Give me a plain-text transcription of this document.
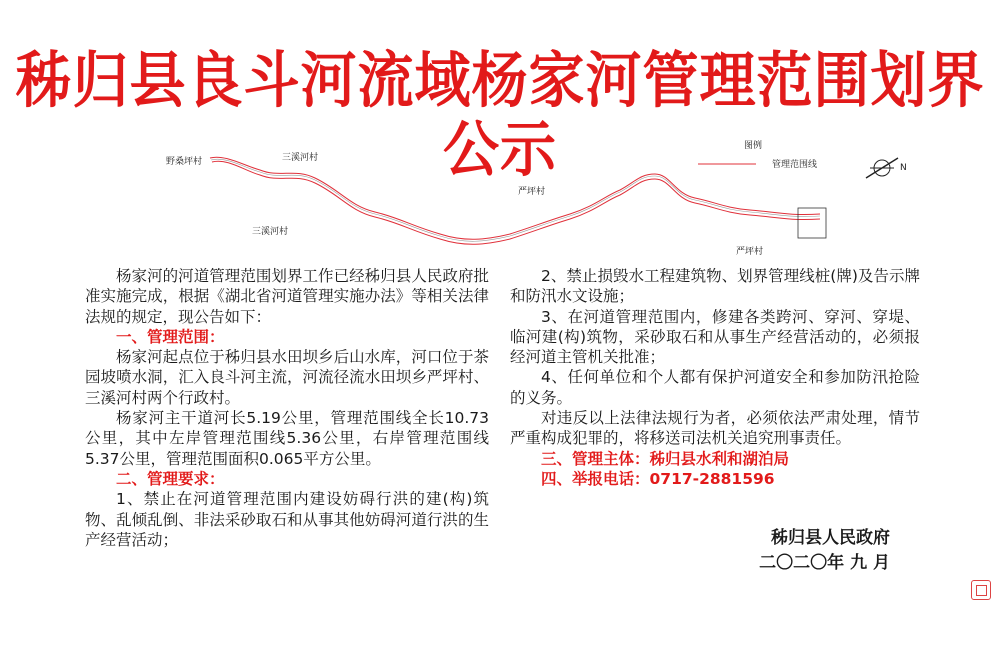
秭归县良斗河流域杨家河管理范围划界公示
野桑坪村	三溪河村
三溪河村
严坪村
严坪村
图例
管理范围线	N

杨家河的河道管理范围划界工作已经秭归县人民政府批准实施完成，根据《湖北省河道管理实施办法》等相关法律法规的规定，现公告如下：

一、管理范围：

杨家河起点位于秭归县水田坝乡后山水库，河口位于茶园坡喷水洞，汇入良斗河主流，河流径流水田坝乡严坪村、三溪河村两个行政村。

杨家河主干道河长5.19公里，管理范围线全长10.73公里，其中左岸管理范围线5.36公里，右岸管理范围线5.37公里，管理范围面积0.065平方公里。

二、管理要求：

1、禁止在河道管理范围内建设妨碍行洪的建(构)筑物、乱倾乱倒、非法采砂取石和从事其他妨碍河道行洪的生产经营活动；

2、禁止损毁水工程建筑物、划界管理线桩(牌)及告示牌和防汛水文设施；

3、在河道管理范围内，修建各类跨河、穿河、穿堤、临河建(构)筑物，采砂取石和从事生产经营活动的，必须报经河道主管机关批准；

4、任何单位和个人都有保护河道安全和参加防汛抢险的义务。

对违反以上法律法规行为者，必须依法严肃处理，情节严重构成犯罪的，将移送司法机关追究刑事责任。

三、管理主体：秭归县水利和湖泊局

四、举报电话：0717-2881596

秭归县人民政府
二〇二〇年 九 月
